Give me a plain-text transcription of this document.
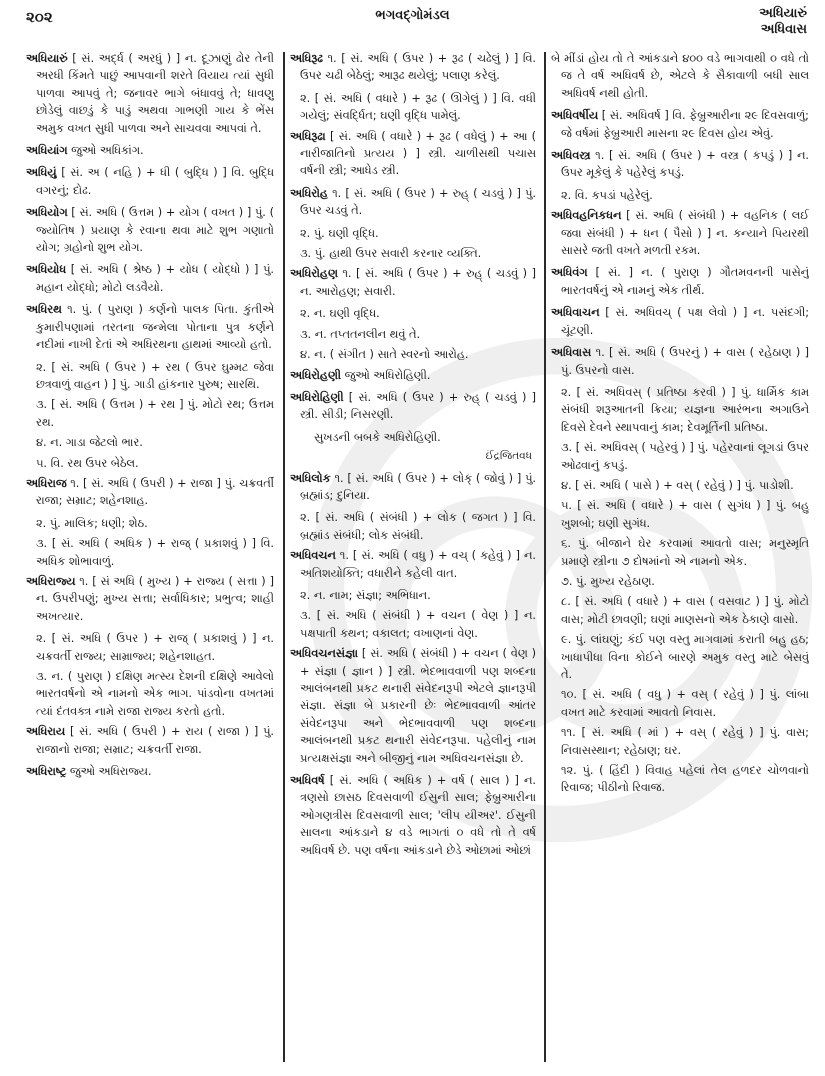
૨૦૨	ભગવદ્ગોમંડલ	અધિયારું
અધિવાસ

અધિયારું [ સં. અર્દ્ધ ( અરધું ) ] ન. દૂઝાણું ઢોર તેની અરધી કિંમતે પાછું આપવાની શરતે વિયાય ત્યાં સુધી પાળવા આપવું તે; જનાવર ભાગે બંધાવવું તે; ધાવણુ છોડેલું વાછડું કે પાડું અથવા ગાભણી ગાય કે ભેંસ અમુક વખત સુધી પાળવા અને સાચવવા આપવાં તે.

અધિયાંગ જુઓ અધિકાંગ.

અધિયું [ સં. અ ( નહિ ) + ધી ( બુદ્ધિ ) ] વિ. બુદ્ધિ વગરનું; દોઢ.

અધિયોગ [ સં. અધિ ( ઉત્તમ ) + યોગ ( વખત ) ] પું. ( જ્યોતિષ ) પ્રયાણ કે રવાના થવા માટે શુભ ગણાતો યોગ; ગ્રહોનો શુભ યોગ.

અધિયોધ [ સં. અધિ ( શ્રેષ્ઠ ) + યોધ ( યોદ્ધો ) ] પું. મહાન યોદ્ધો; મોટો લડવૈયો.

અધિરથ ૧. પું. ( પુરાણ ) કર્ણનો પાલક પિતા. કુંતીએ કુમારીપણામાં તરતના જન્મેલા પોતાના પુત્ર કર્ણને નદીમાં નાખી દેતાં એ અધિરથના હાથમાં આવ્યો હતો.

૨. [ સં. અધિ ( ઉપર ) + રથ ( ઉપર ઘુમ્મટ જેવા છત્રવાળું વાહન ) ] પું. ગાડી હાંકનાર પુરુષ; સારથિ.

૩. [ સં. અધિ ( ઉત્તમ ) + રથ ] પું. મોટો રથ; ઉત્તમ રથ.

૪. ન. ગાડા જેટલો ભાર.

૫. વિ. રથ ઉપર બેઠેલ.

અધિરાજ ૧. [ સં. અધિ ( ઉપરી ) + રાજા ] પું. ચક્રવર્તી રાજા; સમ્રાટ; શહેનશાહ.

૨. પું. માલિક; ધણી; શેઠ.

૩. [ સં. અધિ ( અધિક ) + રાજ્ ( પ્રકાશવું ) ] વિ. અધિક શોભાવાળું.

અધિરાજ્ય ૧. [ સં અધિ ( મુખ્ય ) + રાજ્ય ( સત્તા ) ] ન. ઉપરીપણું; મુખ્ય સત્તા; સર્વાધિકાર; પ્રભુત્વ; શાહી અખત્યાર.

૨. [ સં. અધિ ( ઉપર ) + રાજ્ ( પ્રકાશવું ) ] ન. ચક્રવર્તી રાજ્ય; સામ્રાજ્ય; શહેનશાહત.

૩. ન. ( પુરાણ ) દક્ષિણ મત્સ્ય દેશની દક્ષિણે આવેલો ભારતવર્ષનો એ નામનો એક ભાગ. પાંડવોના વખતમાં ત્યાં દંતવક્ત્ર નામે રાજા રાજ્ય કરતો હતો.

અધિરાય [ સં. અધિ ( ઉપરી ) + રાય ( રાજા ) ] પું. રાજાનો રાજા; સમ્રાટ; ચક્રવર્તી રાજા.

અધિરાષ્ટ્ર જુઓ અધિરાજ્ય.

અધિરૂઢ ૧. [ સં. અધિ ( ઉપર ) + રૂઢ ( ચઢેલું ) ] વિ. ઉપર ચઢી બેઠેલું; આરૂઢ થયેલું; પલાણ કરેલું.

૨. [ સં. અધિ ( વધારે ) + રૂઢ ( ઊગેલું ) ] વિ. વધી ગયેલું; સંવર્દ્ધિત; ઘણી વૃદ્ધિ પામેલું.

અધિરૂઢા [ સં. અધિ ( વધારે ) + રૂઢ ( વધેલું ) + આ ( નારીજાતિનો પ્રત્યય ) ] સ્ત્રી. ચાળીસથી પચાસ વર્ષની સ્ત્રી; આધેડ સ્ત્રી.

અધિરોહ ૧. [ સં. અધિ ( ઉપર ) + રુહ્ ( ચડવું ) ] પું. ઉપર ચડવું તે.

૨. પું. ઘણી વૃદ્ધિ.

૩. પું. હાથી ઉપર સવારી કરનાર વ્યક્તિ.

અધિરોહણ ૧. [ સં. અધિ ( ઉપર ) + રુહ્ ( ચડવું ) ] ન. આરોહણ; સવારી.

૨. ન. ઘણી વૃદ્ધિ.

૩. ન. તપ્તતનલીન થવું તે.

૪. ન. ( સંગીત ) સાતે સ્વરનો આરોહ.

અધિરોહણી જુઓ અધિરોહિણી.

અધિરોહિણી [ સં. અધિ ( ઉપર ) + રુહ્ ( ચડવું ) ] સ્ત્રી. સીડી; નિસરણી.

સુખડની બબકે અધિરોહિણી.

ઈંદ્રજિતવધ

અધિલોક ૧. [ સં. અધિ ( ઉપર ) + લોક્ ( જોવું ) ] પું. બ્રહ્માંડ; દુનિયા.

૨. [ સં. અધિ ( સંબંધી ) + લોક ( જગત ) ] વિ. બ્રહ્માંડ સંબંધી; લોક સંબંધી.

અધિવચન ૧. [ સં. અધિ ( વધુ ) + વચ્ ( કહેવું ) ] ન. અતિશયોક્તિ; વધારીને કહેલી વાત.

૨. ન. નામ; સંજ્ઞા; અભિધાન.

૩. [ સં. અધિ ( સંબંધી ) + વચન ( વેણ ) ] ન. પક્ષપાતી કથન; વકાલત; વખાણનાં વેણ.

અધિવચનસંજ્ઞા [ સં. અધિ ( સંબંધી ) + વચન ( વેણ ) + સંજ્ઞા ( જ્ઞાન ) ] સ્ત્રી. ભેદભાવવાળી પણ શબ્દના આલંબનથી પ્રકટ થનારી સંવેદનરૂપી એટલે જ્ઞાનરૂપી સંજ્ઞા. સંજ્ઞા બે પ્રકારની છેઃ ભેદભાવવાળી આંતર સંવેદનરૂપા અને ભેદભાવવાળી પણ શબ્દના આલંબનથી પ્રકટ થનારી સંવેદનરૂપા. પહેલીનું નામ પ્રત્યક્ષસંજ્ઞા અને બીજીનું નામ અધિવચનસંજ્ઞા છે.

અધિવર્ષ [ સં. અધિ ( અધિક ) + વર્ષ ( સાલ ) ] ન. ત્રણસો છાસઠ દિવસવાળી ઈસુની સાલ; ફેબ્રુઆરીના ઓગણત્રીસ દિવસવાળી સાલ; 'લીપ યીઅર'. ઈસુની સાલના આંકડાને ૪ વડે ભાગતાં ૦ વધે તો તે વર્ષ અધિવર્ષ છે. પણ વર્ષના આંકડાને છેડે ઓછામાં ઓછાં

બે મીંડાં હોય તો તે આંકડાને ૪૦૦ વડે ભાગવાથી ૦ વધે તો જ તે વર્ષ અધિવર્ષ છે, એટલે કે સૈકાવાળી બધી સાલ અધિવર્ષ નથી હોતી.

અધિવર્ષીય [ સં. અધિવર્ષ ] વિ. ફેબ્રુઆરીના ૨૯ દિવસવાળું; જે વર્ષમાં ફેબ્રુઆરી માસના ૨૯ દિવસ હોય એવું.

અધિવસ્ત્ર ૧. [ સં. અધિ ( ઉપર ) + વસ્ત્ર ( કપડું ) ] ન. ઉપર મૂકેલું કે પહેરેલું કપડું.

૨. વિ. કપડાં પહેરેલું.

અધિવહનિકધન [ સં. અધિ ( સંબંધી ) + વહનિક ( લઈ જવા સંબંધી ) + ધન ( પૈસો ) ] ન. કન્યાને પિયરથી સાસરે જતી વખતે મળતી રકમ.

અધિવંગ [ સં. ] ન. ( પુરાણ ) ગૌતમવનની પાસેનું ભારતવર્ષનું એ નામનું એક તીર્થ.

અધિવાચન [ સં. અધિવચ્ ( પક્ષ લેવો ) ] ન. પસંદગી; ચૂંટણી.

અધિવાસ ૧. [ સં. અધિ ( ઉપરનું ) + વાસ ( રહેઠાણ ) ] પું. ઉપરનો વાસ.

૨. [ સં. અધિવસ્ ( પ્રતિષ્ઠા કરવી ) ] પું. ધાર્મિક કામ સંબંધી શરૂઆતની ક્રિયા; યજ્ઞના આરંભના અગાઉને દિવસે દેવને સ્થાપવાનું કામ; દેવમૂર્તિની પ્રતિષ્ઠા.

૩. [ સં. અધિવસ્ ( પહેરવું ) ] પું. પહેરવાનાં લૂગડાં ઉપર ઓઢવાનું કપડું.

૪. [ સં. અધિ ( પાસે ) + વસ્ ( રહેવું ) ] પું. પાડોશી.

૫. [ સં. અધિ ( વધારે ) + વાસ ( સુગંધ ) ] પું. બહુ ખુશબો; ઘણી સુગંધ.

૬. પું. બીજાને ઘેર કરવામાં આવતો વાસ; મનુસ્મૃતિ પ્રમાણે સ્ત્રીના ૭ દોષમાંનો એ નામનો એક.

૭. પું. મુખ્ય રહેઠાણ.

૮. [ સં. અધિ ( વધારે ) + વાસ ( વસવાટ ) ] પું. મોટો વાસ; મોટી છાવણી; ઘણાં માણસનો એક ઠેકાણે વાસો.

૯. પું. લાંઘણું; કંઈ પણ વસ્તુ માગવામાં કરાતી બહુ હઠ; ખાધાપીધા વિના કોઈને બારણે અમુક વસ્તુ માટે બેસવું તે.

૧૦. [ સં. અધિ ( વધુ ) + વસ્ ( રહેવું ) ] પું. લાંબા વખત માટે કરવામાં આવતો નિવાસ.

૧૧. [ સં. અધિ ( માં ) + વસ્ ( રહેવું ) ] પું. વાસ; નિવાસસ્થાન; રહેઠાણ; ઘર.

૧૨. પું. ( હિંદી ) વિવાહ પહેલાં તેલ હળદર ચોળવાનો રિવાજ; પીઠીનો રિવાજ.
